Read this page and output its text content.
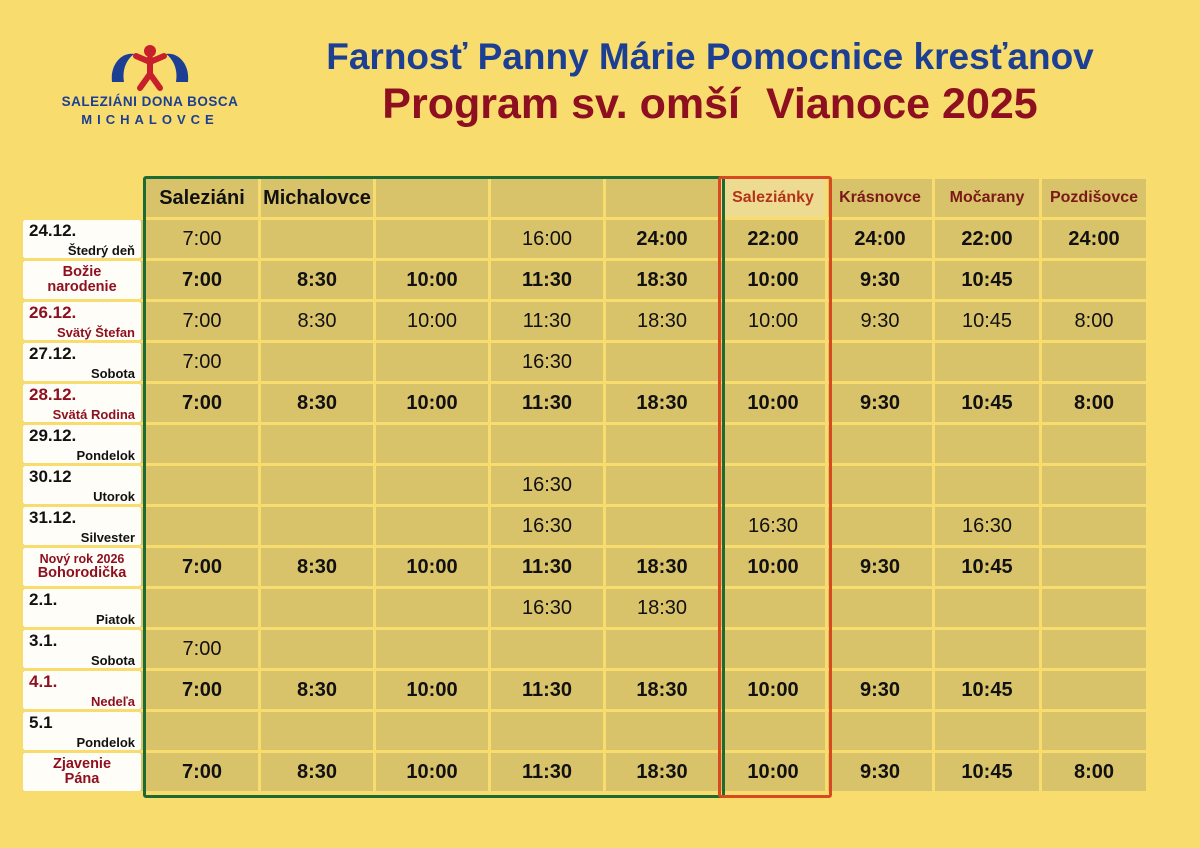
SALEZIÁNI DONA BOSCA
MICHALOVCE
Farnosť Panny Márie Pomocnice kresťanov
Program sv. omší Vianoce 2025
	Saleziáni	Michalovce				Saleziánky	Krásnovce	Močarany	Pozdišovce

24.12.
Štedrý deň	7:00			16:00	24:00	22:00	24:00	22:00	24:00

Božie
narodenie	7:00	8:30	10:00	11:30	18:30	10:00	9:30	10:45	

26.12.
Svätý Štefan	7:00	8:30	10:00	11:30	18:30	10:00	9:30	10:45	8:00

27.12.
Sobota	7:00			16:30					

28.12.
Svätá Rodina	7:00	8:30	10:00	11:30	18:30	10:00	9:30	10:45	8:00

29.12.
Pondelok									

30.12
Utorok				16:30					

31.12.
Silvester				16:30		16:30		16:30	

Nový rok 2026
Bohorodička	7:00	8:30	10:00	11:30	18:30	10:00	9:30	10:45	

2.1.
Piatok				16:30	18:30				

3.1.
Sobota	7:00								

4.1.
Nedeľa	7:00	8:30	10:00	11:30	18:30	10:00	9:30	10:45	

5.1
Pondelok									

Zjavenie
Pána	7:00	8:30	10:00	11:30	18:30	10:00	9:30	10:45	8:00
